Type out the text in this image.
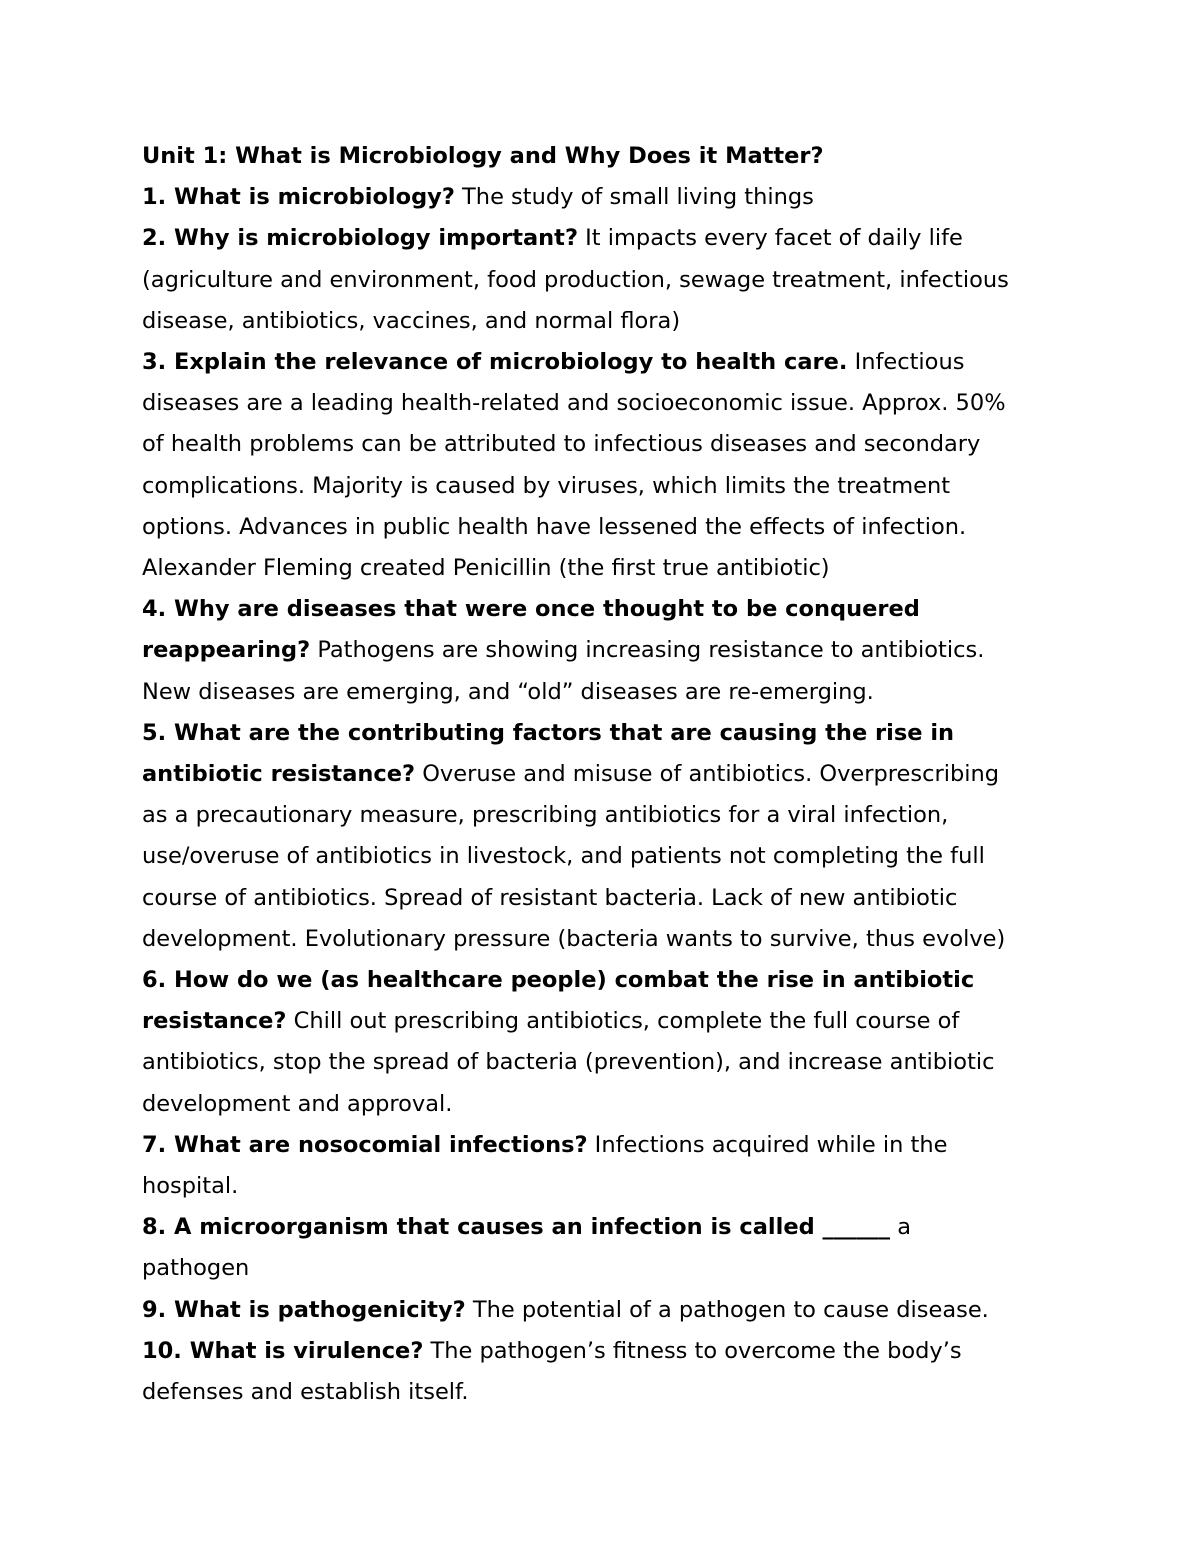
Unit 1: What is Microbiology and Why Does it Matter?
1. What is microbiology? The study of small living things
2. Why is microbiology important? It impacts every facet of daily life
(agriculture and environment, food production, sewage treatment, infectious
disease, antibiotics, vaccines, and normal flora)
3. Explain the relevance of microbiology to health care. Infectious
diseases are a leading health-related and socioeconomic issue. Approx. 50%
of health problems can be attributed to infectious diseases and secondary
complications. Majority is caused by viruses, which limits the treatment
options. Advances in public health have lessened the effects of infection.
Alexander Fleming created Penicillin (the first true antibiotic)
4. Why are diseases that were once thought to be conquered
reappearing? Pathogens are showing increasing resistance to antibiotics.
New diseases are emerging, and “old” diseases are re-emerging.
5. What are the contributing factors that are causing the rise in
antibiotic resistance? Overuse and misuse of antibiotics. Overprescribing
as a precautionary measure, prescribing antibiotics for a viral infection,
use/overuse of antibiotics in livestock, and patients not completing the full
course of antibiotics. Spread of resistant bacteria. Lack of new antibiotic
development. Evolutionary pressure (bacteria wants to survive, thus evolve)
6. How do we (as healthcare people) combat the rise in antibiotic
resistance? Chill out prescribing antibiotics, complete the full course of
antibiotics, stop the spread of bacteria (prevention), and increase antibiotic
development and approval.
7. What are nosocomial infections? Infections acquired while in the
hospital.
8. A microorganism that causes an infection is called ______ a
pathogen
9. What is pathogenicity? The potential of a pathogen to cause disease.
10. What is virulence? The pathogen’s fitness to overcome the body’s
defenses and establish itself.
